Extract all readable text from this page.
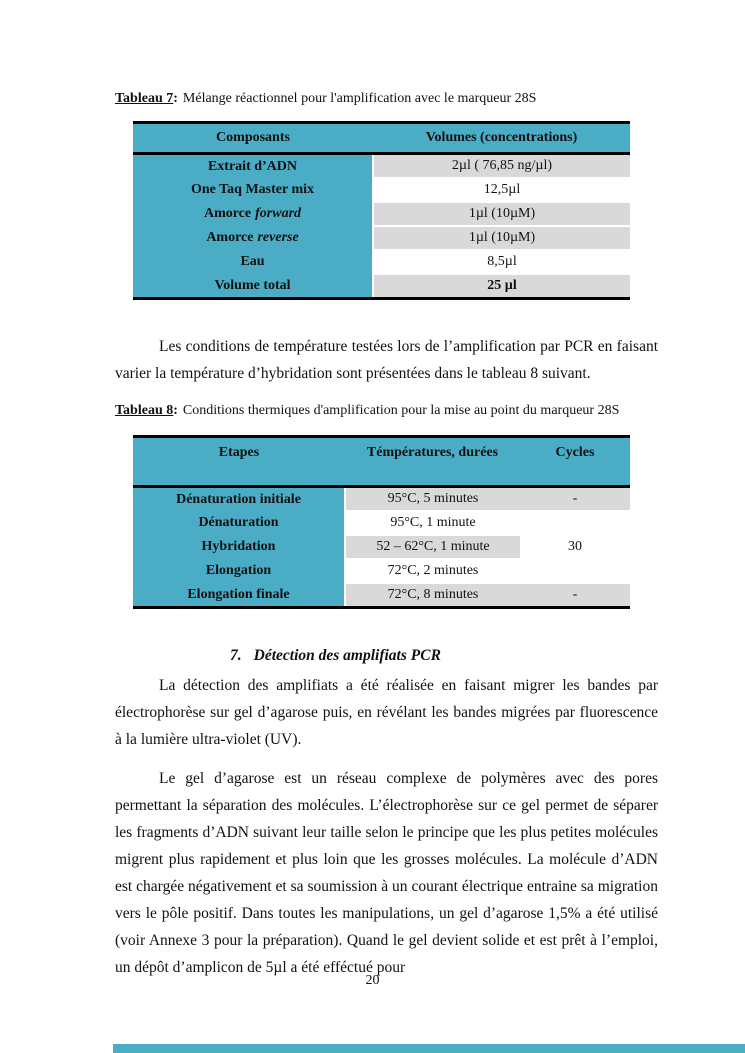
Tableau 7: Mélange réactionnel pour l'amplification avec le marqueur 28S
Composants	Volumes (concentrations)
Extrait d’ADN	2µl ( 76,85 ng/µl)
One Taq Master mix	12,5µl
Amorce forward	1µl (10µM)
Amorce reverse	1µl (10µM)
Eau	8,5µl
Volume total	25 µl

Les conditions de température testées lors de l’amplification par PCR en faisant varier la température d’hybridation sont présentées dans le tableau 8 suivant.

Tableau 8: Conditions thermiques d'amplification pour la mise au point du marqueur 28S
Etapes	Témpératures, durées	Cycles
Dénaturation initiale	95°C, 5 minutes	-
Dénaturation	95°C, 1 minute	
Hybridation	52 – 62°C, 1 minute	30
Elongation	72°C, 2 minutes	
Elongation finale	72°C, 8 minutes	-
7. Détection des amplifiats PCR

La détection des amplifiats a été réalisée en faisant migrer les bandes par électrophorèse sur gel d’agarose puis, en révélant les bandes migrées par fluorescence à la lumière ultra-violet (UV).

Le gel d’agarose est un réseau complexe de polymères avec des pores permettant la séparation des molécules. L’électrophorèse sur ce gel permet de séparer les fragments d’ADN suivant leur taille selon le principe que les plus petites molécules migrent plus rapidement et plus loin que les grosses molécules. La molécule d’ADN est chargée négativement et sa soumission à un courant électrique entraine sa migration vers le pôle positif. Dans toutes les manipulations, un gel d’agarose 1,5% a été utilisé (voir Annexe 3 pour la préparation). Quand le gel devient solide et est prêt à l’emploi, un dépôt d’amplicon de 5µl a été efféctué pour

20
